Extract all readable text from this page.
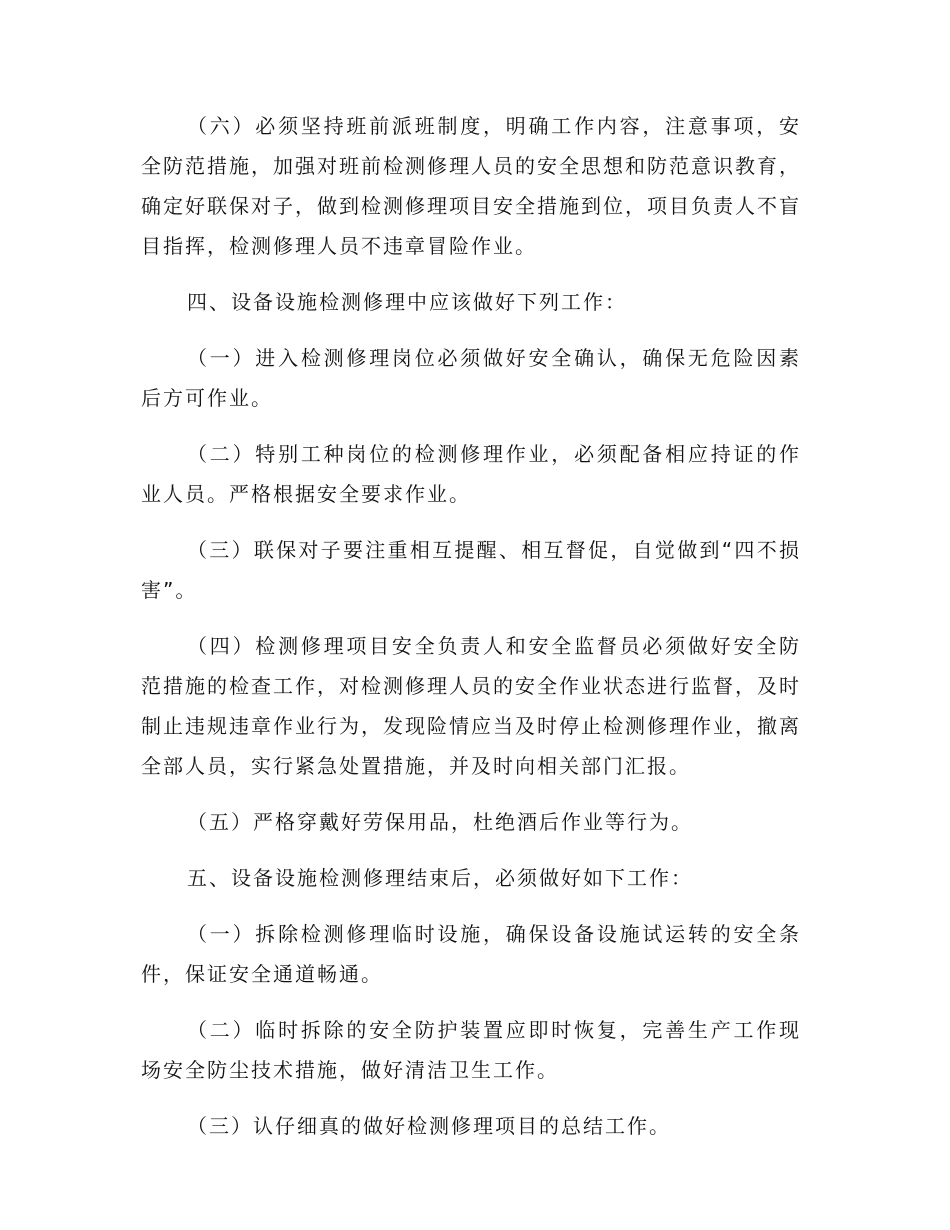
（六）必须坚持班前派班制度，明确工作内容，注意事项，安全防范措施，加强对班前检测修理人员的安全思想和防范意识教育，确定好联保对子，做到检测修理项目安全措施到位，项目负责人不盲目指挥，检测修理人员不违章冒险作业。

四、设备设施检测修理中应该做好下列工作：

（一）进入检测修理岗位必须做好安全确认，确保无危险因素后方可作业。

（二）特别工种岗位的检测修理作业，必须配备相应持证的作业人员。严格根据安全要求作业。

（三）联保对子要注重相互提醒、相互督促，自觉做到“四不损害”。

（四）检测修理项目安全负责人和安全监督员必须做好安全防范措施的检查工作，对检测修理人员的安全作业状态进行监督，及时制止违规违章作业行为，发现险情应当及时停止检测修理作业，撤离全部人员，实行紧急处置措施，并及时向相关部门汇报。

（五）严格穿戴好劳保用品，杜绝酒后作业等行为。

五、设备设施检测修理结束后，必须做好如下工作：

（一）拆除检测修理临时设施，确保设备设施试运转的安全条件，保证安全通道畅通。

（二）临时拆除的安全防护装置应即时恢复，完善生产工作现场安全防尘技术措施，做好清洁卫生工作。

（三）认仔细真的做好检测修理项目的总结工作。
